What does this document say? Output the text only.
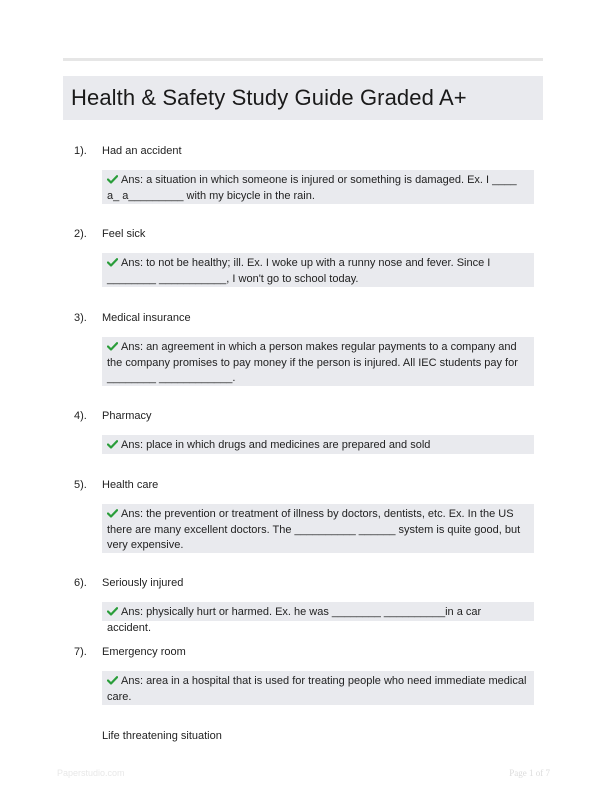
Health & Safety Study Guide Graded A+
1). Had an accident
Ans: a situation in which someone is injured or something is damaged. Ex. I ____ a_ a_________ with my bicycle in the rain.
2). Feel sick
Ans: to not be healthy; ill. Ex. I woke up with a runny nose and fever. Since I ________ ___________, I won't go to school today.
3). Medical insurance
Ans: an agreement in which a person makes regular payments to a company and the company promises to pay money if the person is injured. All IEC students pay for ________ ____________.
4). Pharmacy
Ans: place in which drugs and medicines are prepared and sold
5). Health care
Ans: the prevention or treatment of illness by doctors, dentists, etc. Ex. In the US there are many excellent doctors. The __________ ______ system is quite good, but very expensive.
6). Seriously injured
Ans: physically hurt or harmed. Ex. he was ________ __________in a car accident.
7). Emergency room
Ans: area in a hospital that is used for treating people who need immediate medical care.
Life threatening situation
Paperstudio.com	Page 1 of 7
